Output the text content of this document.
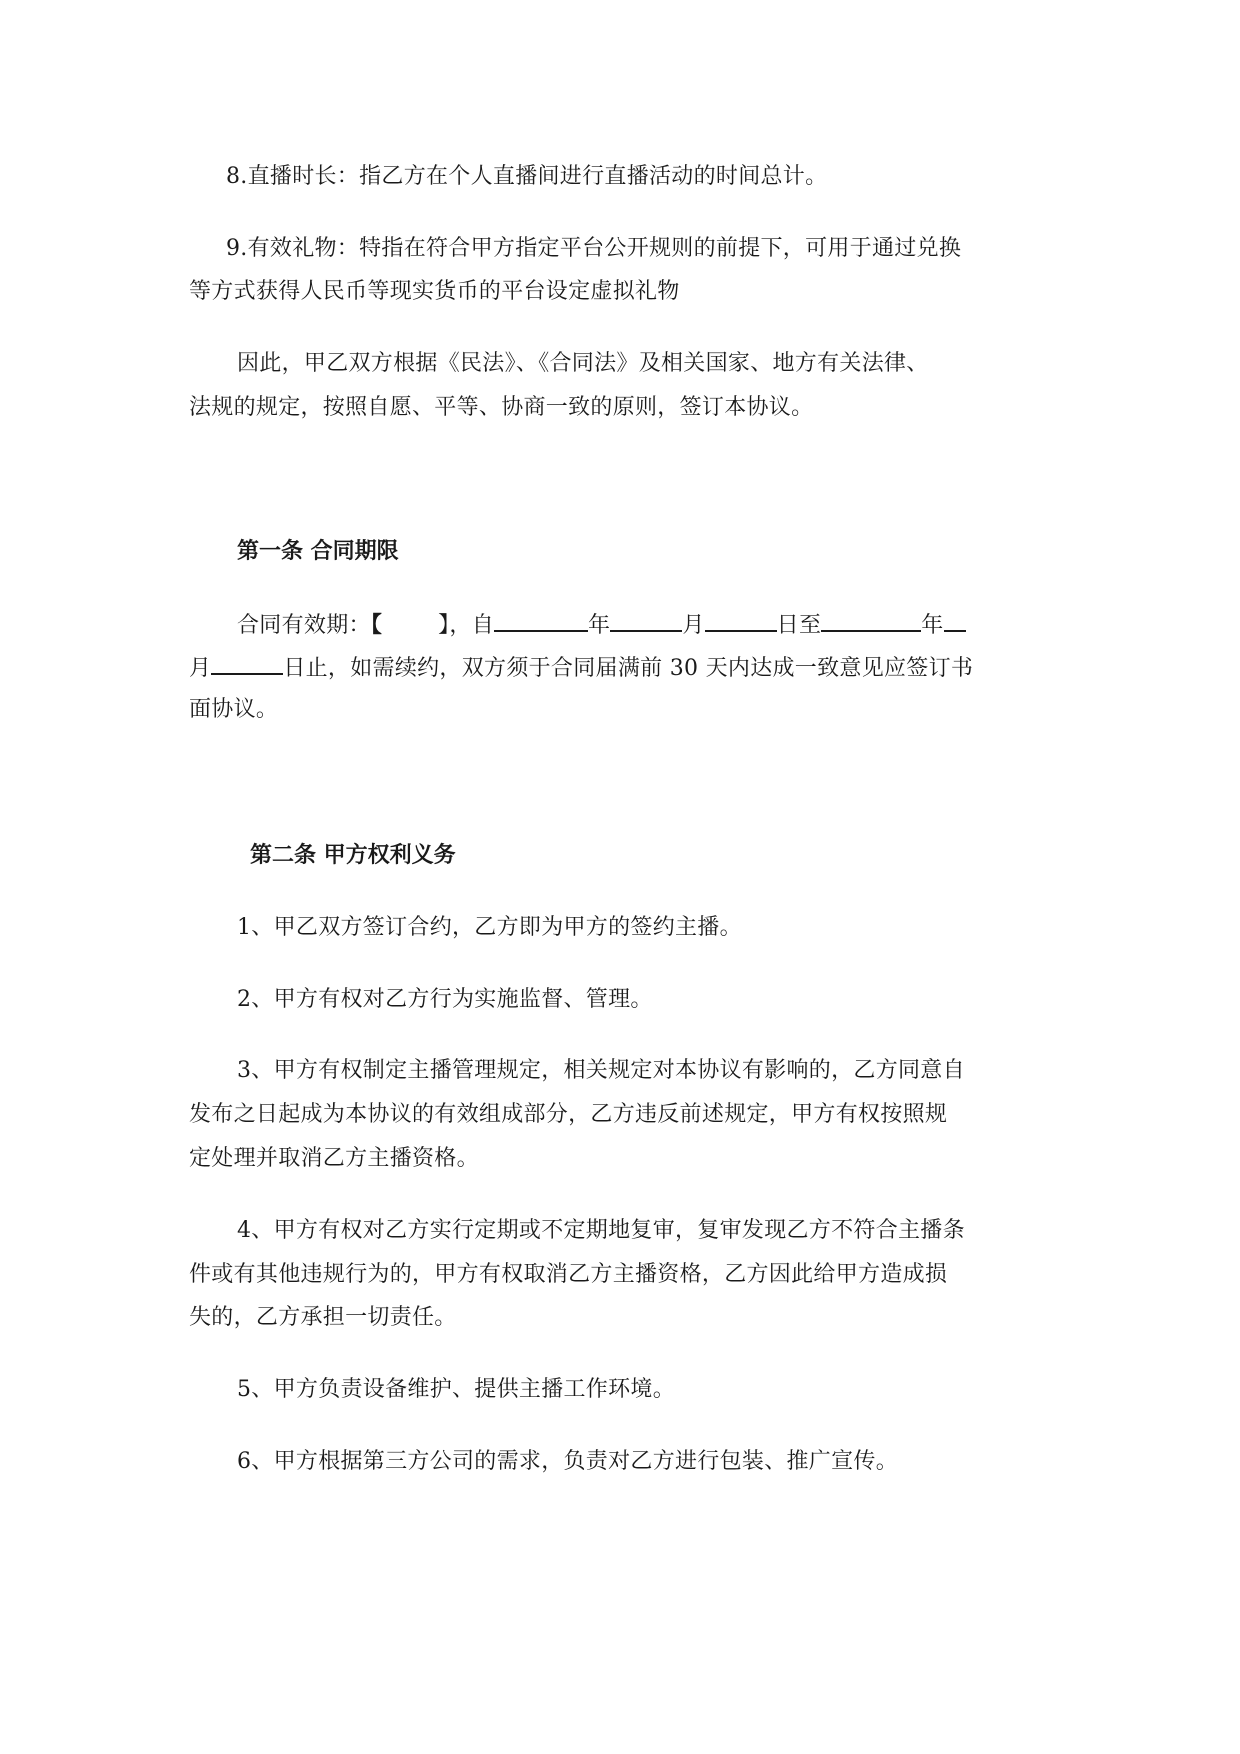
8.直播时长：指乙方在个人直播间进行直播活动的时间总计。
9.有效礼物：特指在符合甲方指定平台公开规则的前提下，可用于通过兑换
等方式获得人民币等现实货币的平台设定虚拟礼物
因此，甲乙双方根据《民法》、《合同法》及相关国家、地方有关法律、
法规的规定，按照自愿、平等、协商一致的原则，签订本协议。
第一条 合同期限
合同有效期：【	】，自	年	月	日至	年
月	日止，如需续约，双方须于合同届满前 30 天内达成一致意见应签订书
面协议。
第二条 甲方权利义务
1、甲乙双方签订合约，乙方即为甲方的签约主播。
2、甲方有权对乙方行为实施监督、管理。
3、甲方有权制定主播管理规定，相关规定对本协议有影响的，乙方同意自
发布之日起成为本协议的有效组成部分，乙方违反前述规定，甲方有权按照规
定处理并取消乙方主播资格。
4、甲方有权对乙方实行定期或不定期地复审，复审发现乙方不符合主播条
件或有其他违规行为的，甲方有权取消乙方主播资格，乙方因此给甲方造成损
失的，乙方承担一切责任。
5、甲方负责设备维护、提供主播工作环境。
6、甲方根据第三方公司的需求，负责对乙方进行包装、推广宣传。
